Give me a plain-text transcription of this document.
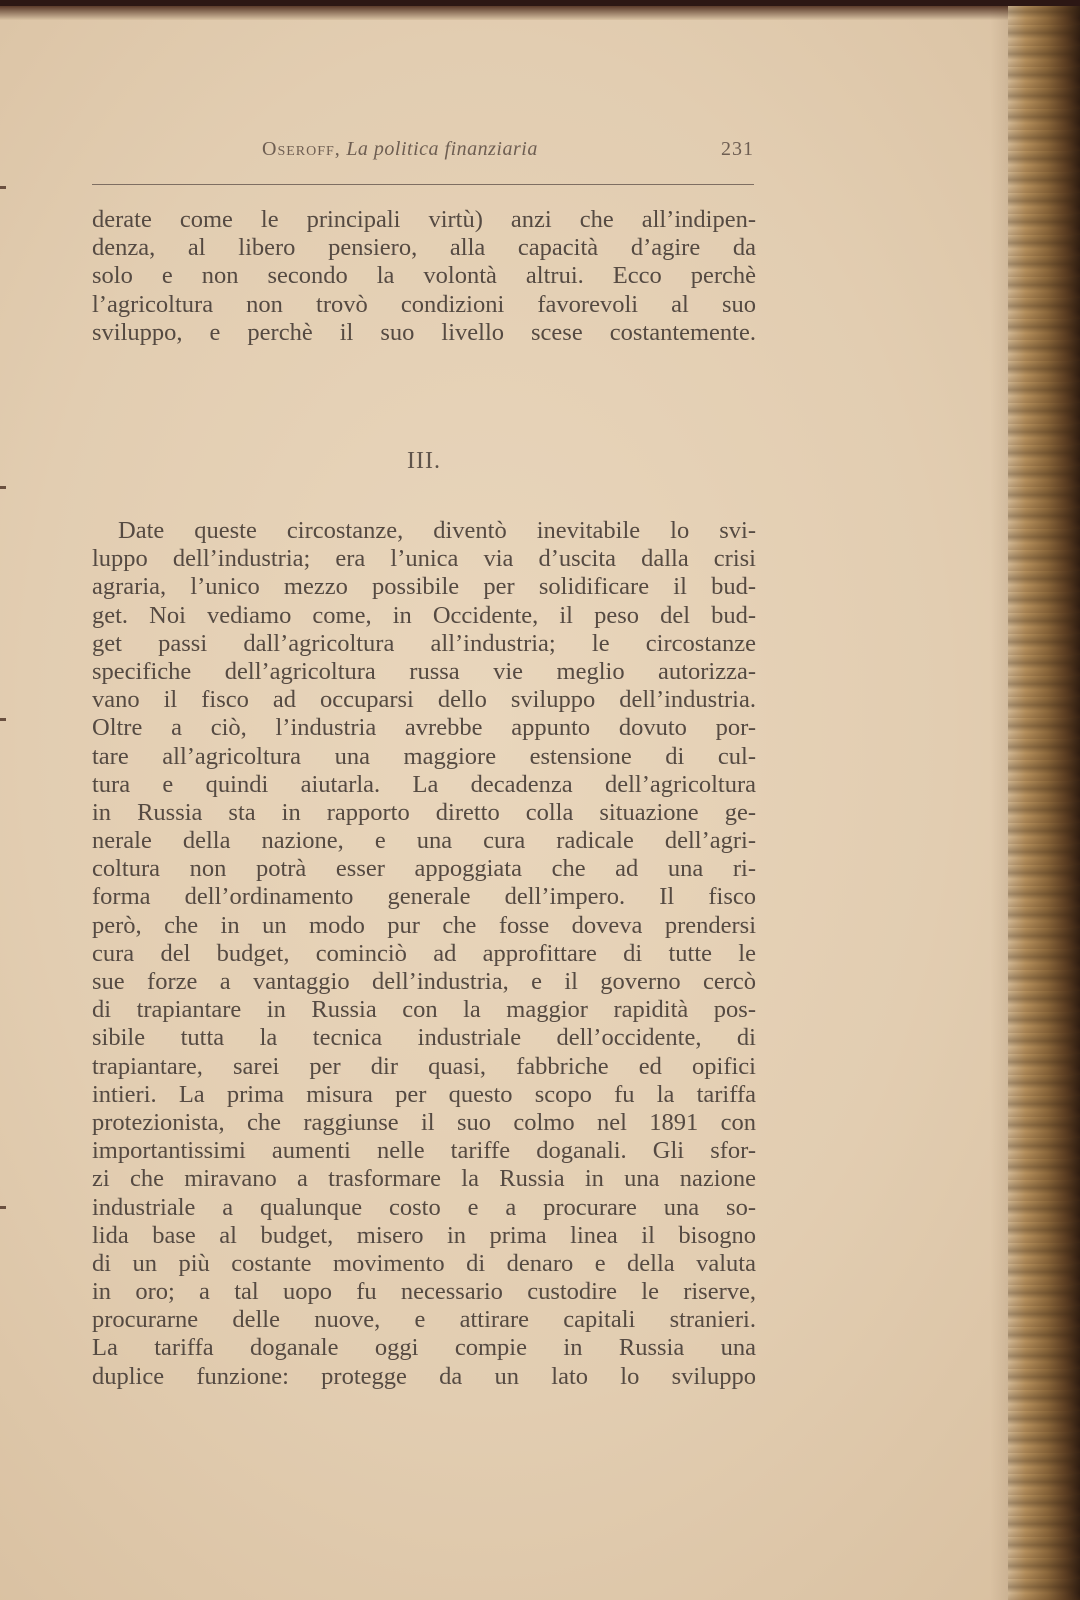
Oseroff, La politica finanziaria	231
derate come le principali virtù) anzi che all’indipen-
denza, al libero pensiero, alla capacità d’agire da
solo e non secondo la volontà altrui. Ecco perchè
l’agricoltura non trovò condizioni favorevoli al suo
sviluppo, e perchè il suo livello scese costantemente.
III.
Date queste circostanze, diventò inevitabile lo svi-
luppo dell’industria; era l’unica via d’uscita dalla crisi
agraria, l’unico mezzo possibile per solidificare il bud-
get. Noi vediamo come, in Occidente, il peso del bud-
get passi dall’agricoltura all’industria; le circostanze
specifiche dell’agricoltura russa vie meglio autorizza-
vano il fisco ad occuparsi dello sviluppo dell’industria.
Oltre a ciò, l’industria avrebbe appunto dovuto por-
tare all’agricoltura una maggiore estensione di cul-
tura e quindi aiutarla. La decadenza dell’agricoltura
in Russia sta in rapporto diretto colla situazione ge-
nerale della nazione, e una cura radicale dell’agri-
coltura non potrà esser appoggiata che ad una ri-
forma dell’ordinamento generale dell’impero. Il fisco
però, che in un modo pur che fosse doveva prendersi
cura del budget, cominciò ad approfittare di tutte le
sue forze a vantaggio dell’industria, e il governo cercò
di trapiantare in Russia con la maggior rapidità pos-
sibile tutta la tecnica industriale dell’occidente, di
trapiantare, sarei per dir quasi, fabbriche ed opifici
intieri. La prima misura per questo scopo fu la tariffa
protezionista, che raggiunse il suo colmo nel 1891 con
importantissimi aumenti nelle tariffe doganali. Gli sfor-
zi che miravano a trasformare la Russia in una nazione
industriale a qualunque costo e a procurare una so-
lida base al budget, misero in prima linea il bisogno
di un più costante movimento di denaro e della valuta
in oro; a tal uopo fu necessario custodire le riserve,
procurarne delle nuove, e attirare capitali stranieri.
La tariffa doganale oggi compie in Russia una
duplice funzione: protegge da un lato lo sviluppo
